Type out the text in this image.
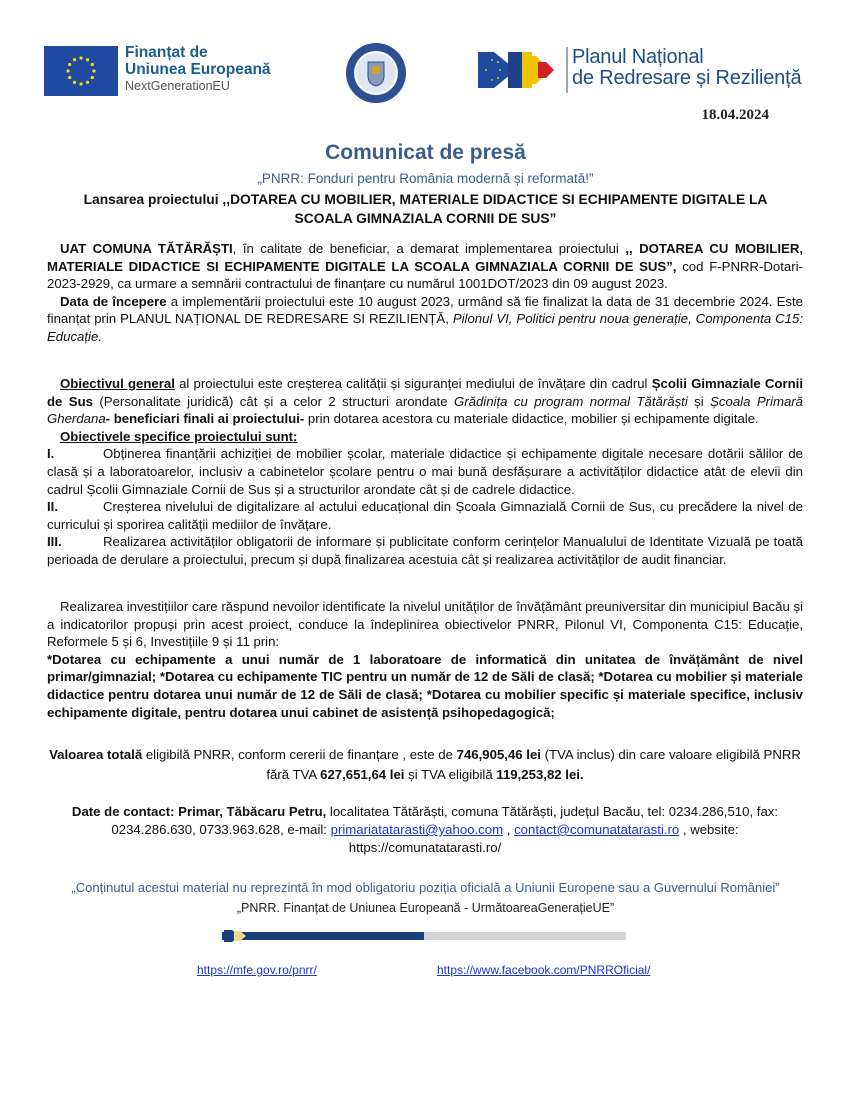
Finanțat de
Uniunea Europeană
NextGenerationEU
Planul Național
de Redresare și Reziliență
18.04.2024
Comunicat de presă
„PNRR: Fonduri pentru România modernă și reformată!”
Lansarea proiectului ,,DOTAREA CU MOBILIER, MATERIALE DIDACTICE SI ECHIPAMENTE DIGITALE LA SCOALA GIMNAZIALA CORNII DE SUS”

UAT COMUNA TĂTĂRĂȘTI, în calitate de beneficiar, a demarat implementarea proiectului ,, DOTAREA CU MOBILIER, MATERIALE DIDACTICE SI ECHIPAMENTE DIGITALE LA SCOALA GIMNAZIALA CORNII DE SUS”, cod F-PNRR-Dotari- 2023-2929, ca urmare a semnării contractului de finanțare cu numărul 1001DOT/2023 din 09 august 2023.

Data de începere a implementării proiectului este 10 august 2023, urmând să fie finalizat la data de 31 decembrie 2024. Este finanțat prin PLANUL NAȚIONAL DE REDRESARE SI REZILIENȚĂ, Pilonul VI, Politici pentru noua generație, Componenta C15: Educație.

Obiectivul general al proiectului este creșterea calității și siguranței mediului de învățare din cadrul Școlii Gimnaziale Cornii de Sus (Personalitate juridică) cât și a celor 2 structuri arondate Grădinița cu program normal Tătărăști și Școala Primară Gherdana- beneficiari finali ai proiectului- prin dotarea acestora cu materiale didactice, mobilier și echipamente digitale.

Obiectivele specifice proiectului sunt:

I.	Obținerea finanțării achiziției de mobilier școlar, materiale didactice și echipamente digitale necesare dotării sălilor de clasă și a laboratoarelor, inclusiv a cabinetelor școlare pentru o mai bună desfășurare a activităților didactice atât de elevii din cadrul Școlii Gimnaziale Cornii de Sus și a structurilor arondate cât și de cadrele didactice.

II.	Creșterea nivelului de digitalizare al actului educațional din Școala Gimnazială Cornii de Sus, cu precădere la nivel de curricului și sporirea calității mediilor de învățare.

III.	Realizarea activităților obligatorii de informare și publicitate conform cerințelor Manualului de Identitate Vizuală pe toată perioada de derulare a proiectului, precum și după finalizarea acestuia cât și realizarea activităților de audit financiar.

Realizarea investițiilor care răspund nevoilor identificate la nivelul unităților de învățământ preuniversitar din municipiul Bacău și a indicatorilor propuși prin acest proiect, conduce la îndeplinirea obiectivelor PNRR, Pilonul VI, Componenta C15: Educație, Reformele 5 și 6, Investițiile 9 și 11 prin:

*Dotarea cu echipamente a unui număr de 1 laboratoare de informatică din unitatea de învățământ de nivel primar/gimnazial; *Dotarea cu echipamente TIC pentru un număr de 12 de Săli de clasă; *Dotarea cu mobilier și materiale didactice pentru dotarea unui număr de 12 de Săli de clasă; *Dotarea cu mobilier specific și materiale specifice, inclusiv echipamente digitale, pentru dotarea unui cabinet de asistență psihopedagogică;

Valoarea totală eligibilă PNRR, conform cererii de finanțare , este de 746,905,46 lei (TVA inclus) din care valoare eligibilă PNRR fără TVA 627,651,64 lei și TVA eligibilă 119,253,82 lei.
Date de contact: Primar, Tăbăcaru Petru, localitatea Tătărăști, comuna Tătărăști, județul Bacău, tel: 0234.286,510, fax: 0234.286.630, 0733.963.628, e-mail: primariatatarasti@yahoo.com , contact@comunatatarasti.ro , website:
https://comunatatarasti.ro/
„Conținutul acestui material nu reprezintă în mod obligatoriu poziția oficială a Uniunii Europene sau a Guvernului României”
„PNRR. Finanțat de Uniunea Europeană - UrmătoareaGenerațieUE”
https://mfe.gov.ro/pnrr/	https://www.facebook.com/PNRROficial/
